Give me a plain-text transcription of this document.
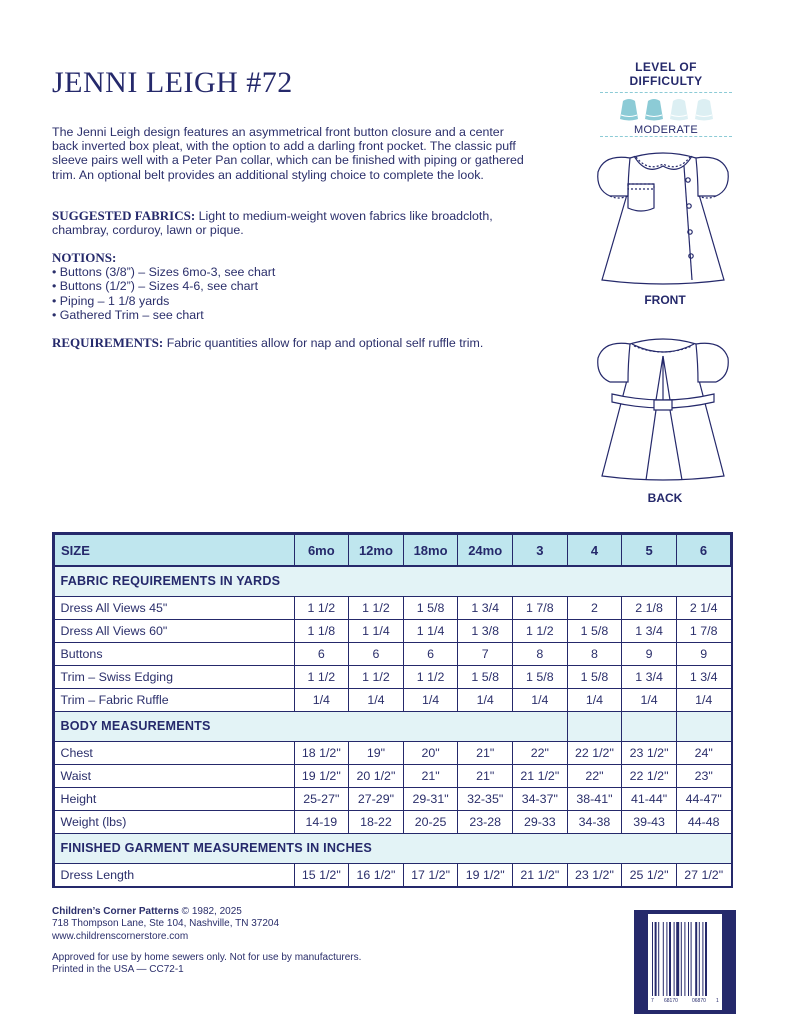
JENNI LEIGH #72

The Jenni Leigh design features an asymmetrical front button closure and a center back inverted box pleat, with the option to add a darling front pocket. The classic puff sleeve pairs well with a Peter Pan collar, which can be finished with piping or gathered trim. An optional belt provides an additional styling choice to complete the look.

SUGGESTED FABRICS: Light to medium-weight woven fabrics like broadcloth, chambray, corduroy, lawn or pique.
NOTIONS:
• Buttons (3/8”) – Sizes 6mo-3, see chart
• Buttons (1/2”) – Sizes 4-6, see chart
• Piping – 1 1/8 yards
• Gathered Trim – see chart
REQUIREMENTS: Fabric quantities allow for nap and optional self ruffle trim.
LEVEL OF DIFFICULTY
MODERATE
FRONT
BACK
SIZE	6mo	12mo	18mo	24mo	3	4	5	6
FABRIC REQUIREMENTS IN YARDS								
Dress All Views 45"	1 1/2	1 1/2	1 5/8	1 3/4	1 7/8	2	2 1/8	2 1/4
Dress All Views 60"	1 1/8	1 1/4	1 1/4	1 3/8	1 1/2	1 5/8	1 3/4	1 7/8
Buttons	6	6	6	7	8	8	9	9
Trim – Swiss Edging	1 1/2	1 1/2	1 1/2	1 5/8	1 5/8	1 5/8	1 3/4	1 3/4
Trim – Fabric Ruffle	1/4	1/4	1/4	1/4	1/4	1/4	1/4	1/4
BODY MEASUREMENTS								
Chest	18 1/2"	19"	20"	21"	22"	22 1/2"	23 1/2"	24"
Waist	19 1/2"	20 1/2"	21"	21"	21 1/2"	22"	22 1/2"	23"
Height	25-27"	27-29"	29-31"	32-35"	34-37"	38-41"	41-44"	44-47"
Weight (lbs)	14-19	18-22	20-25	23-28	29-33	34-38	39-43	44-48
FINISHED GARMENT MEASUREMENTS IN INCHES								
Dress Length	15 1/2"	16 1/2"	17 1/2"	19 1/2"	21 1/2"	23 1/2"	25 1/2"	27 1/2"
Children’s Corner Patterns © 1982, 2025
718 Thompson Lane, Ste 104, Nashville, TN 37204
www.childrenscornerstore.com
Approved for use by home sewers only. Not for use by manufacturers.
Printed in the USA — CC72-1
7 68170	06870 1
